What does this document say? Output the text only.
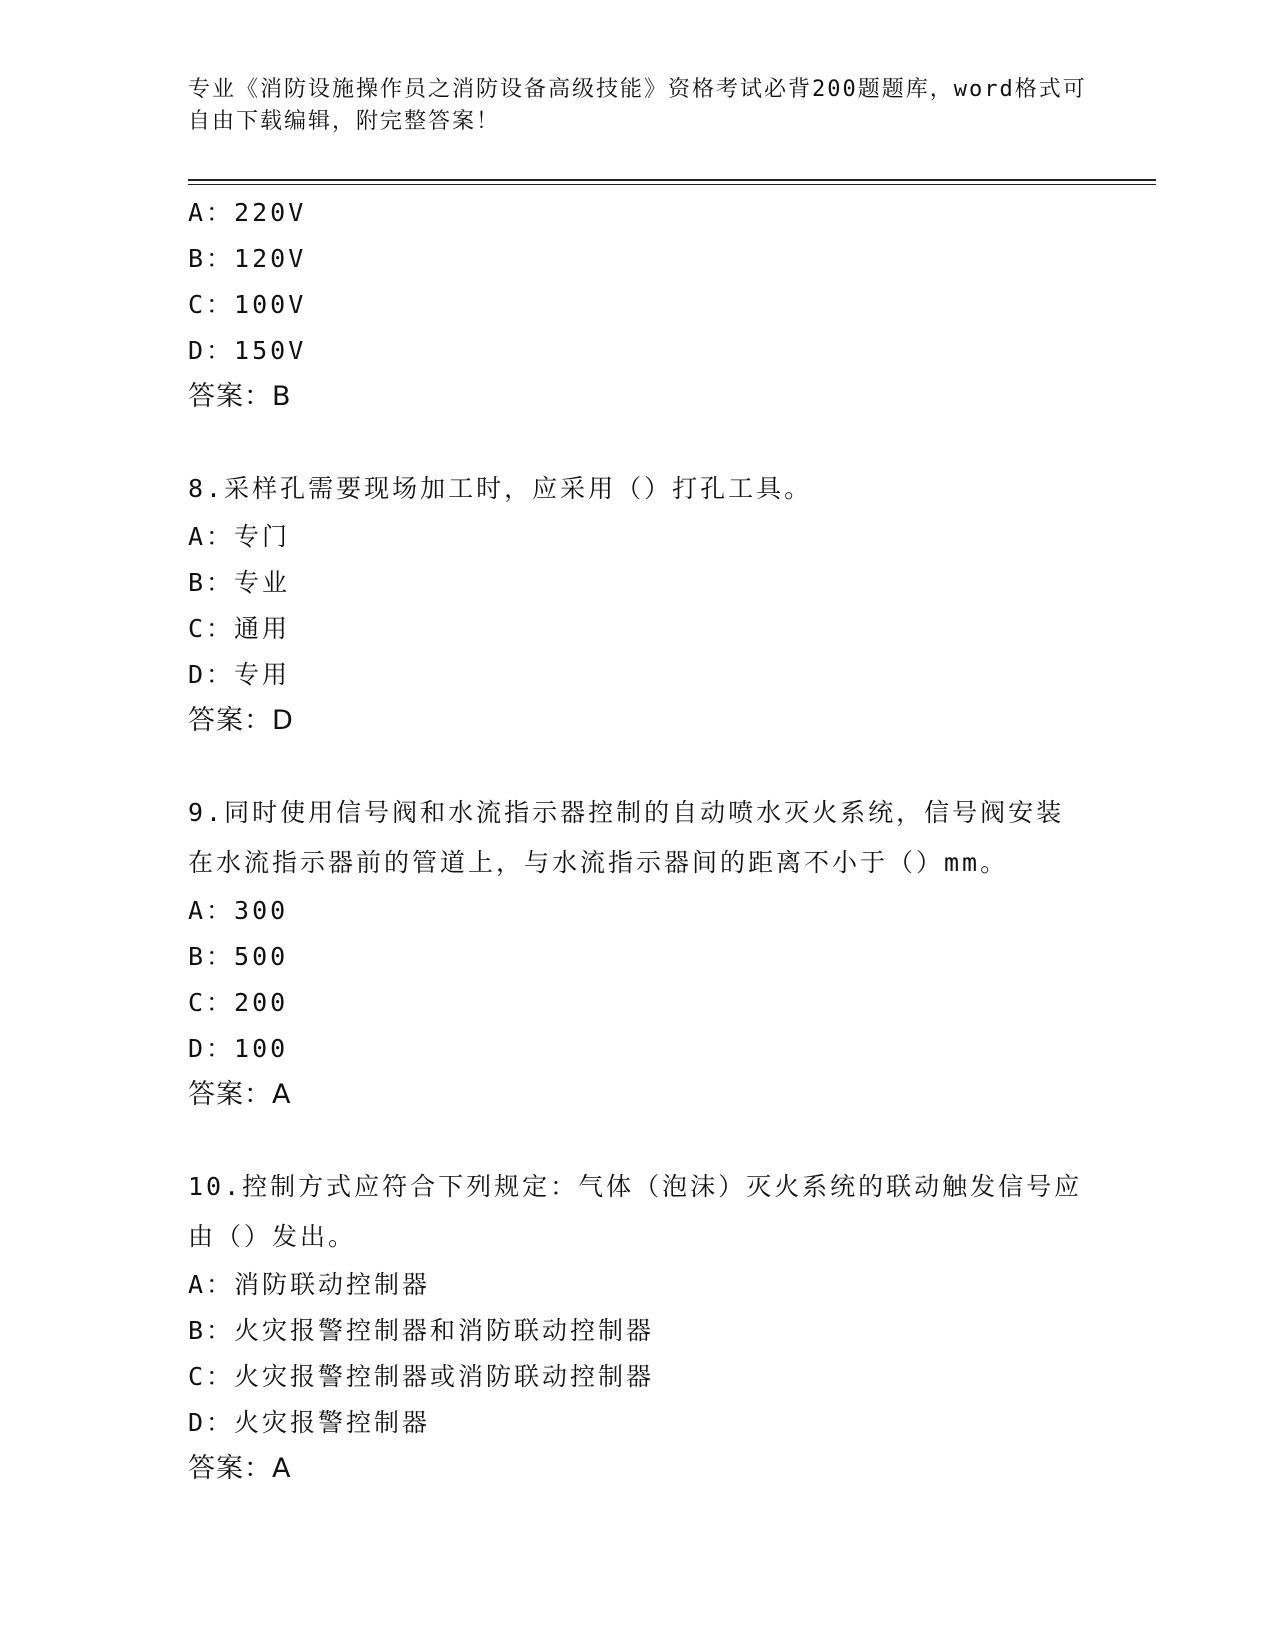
专业《消防设施操作员之消防设备高级技能》资格考试必背200题题库，word格式可自由下载编辑，附完整答案！
A：220V
B：120V
C：100V
D：150V
答案：B
8.采样孔需要现场加工时，应采用（）打孔工具。
A：专门
B：专业
C：通用
D：专用
答案：D
9.同时使用信号阀和水流指示器控制的自动喷水灭火系统，信号阀安装在水流指示器前的管道上，与水流指示器间的距离不小于（）mm。
A：300
B：500
C：200
D：100
答案：A
10.控制方式应符合下列规定：气体（泡沫）灭火系统的联动触发信号应由（）发出。
A：消防联动控制器
B：火灾报警控制器和消防联动控制器
C：火灾报警控制器或消防联动控制器
D：火灾报警控制器
答案：A
